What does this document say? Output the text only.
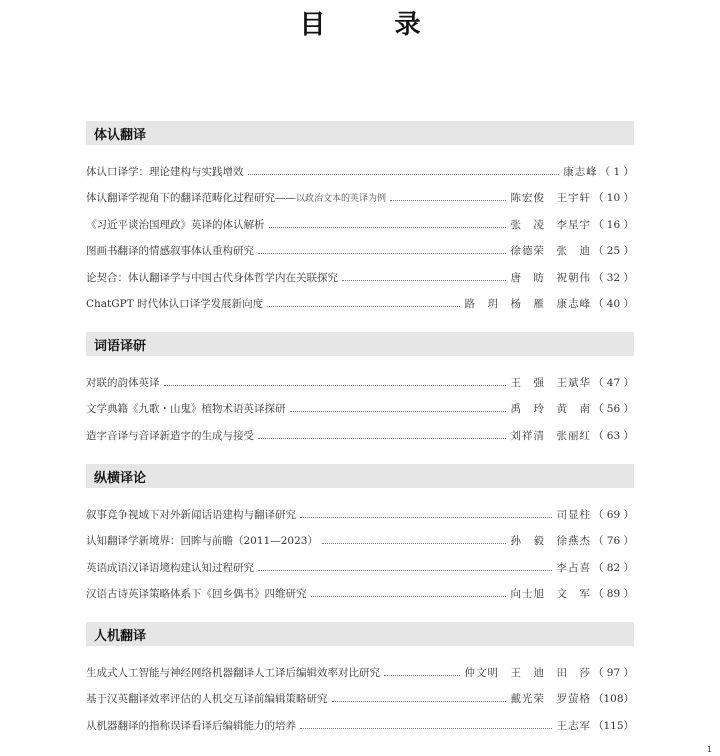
目 录
体认翻译
体认口译学：理论建构与实践增效	康志峰 （ 1 ）
体认翻译学视角下的翻译范畴化过程研究—— 以政治文本的英译为例	陈宏俊　王宇轩 （ 10 ）
《习近平谈治国理政》英译的体认解析	张　凌　李星宇 （ 16 ）
图画书翻译的情感叙事体认重构研究	徐德荣　张　迪 （ 25 ）
论契合：体认翻译学与中国古代身体哲学内在关联探究	唐　昉　祝朝伟 （ 32 ）
ChatGPT 时代体认口译学发展新向度	路　玥　杨　雁　康志峰 （ 40 ）
词语译研
对联的韵体英译	王　强　王斌华 （ 47 ）
文学典籍《九歌・山鬼》植物术语英译探研	禹　玲　黄　南 （ 56 ）
造字音译与音译新造字的生成与接受	刘祥清　张丽红 （ 63 ）
纵横译论
叙事竞争视域下对外新闻话语建构与翻译研究	司显柱 （ 69 ）
认知翻译学新境界：回眸与前瞻（2011—2023）	孙　毅　徐燕杰 （ 76 ）
英语成语汉译语境构建认知过程研究	李占喜 （ 82 ）
汉语古诗英译策略体系下《回乡偶书》四维研究	向士旭　文　军 （ 89 ）
人机翻译
生成式人工智能与神经网络机器翻译人工译后编辑效率对比研究	仲文明　王　迪　田　莎 （ 97 ）
基于汉英翻译效率评估的人机交互译前编辑策略研究	戴光荣　罗萤格 （108）
从机器翻译的指称误译看译后编辑能力的培养	王志军 （115）
1
